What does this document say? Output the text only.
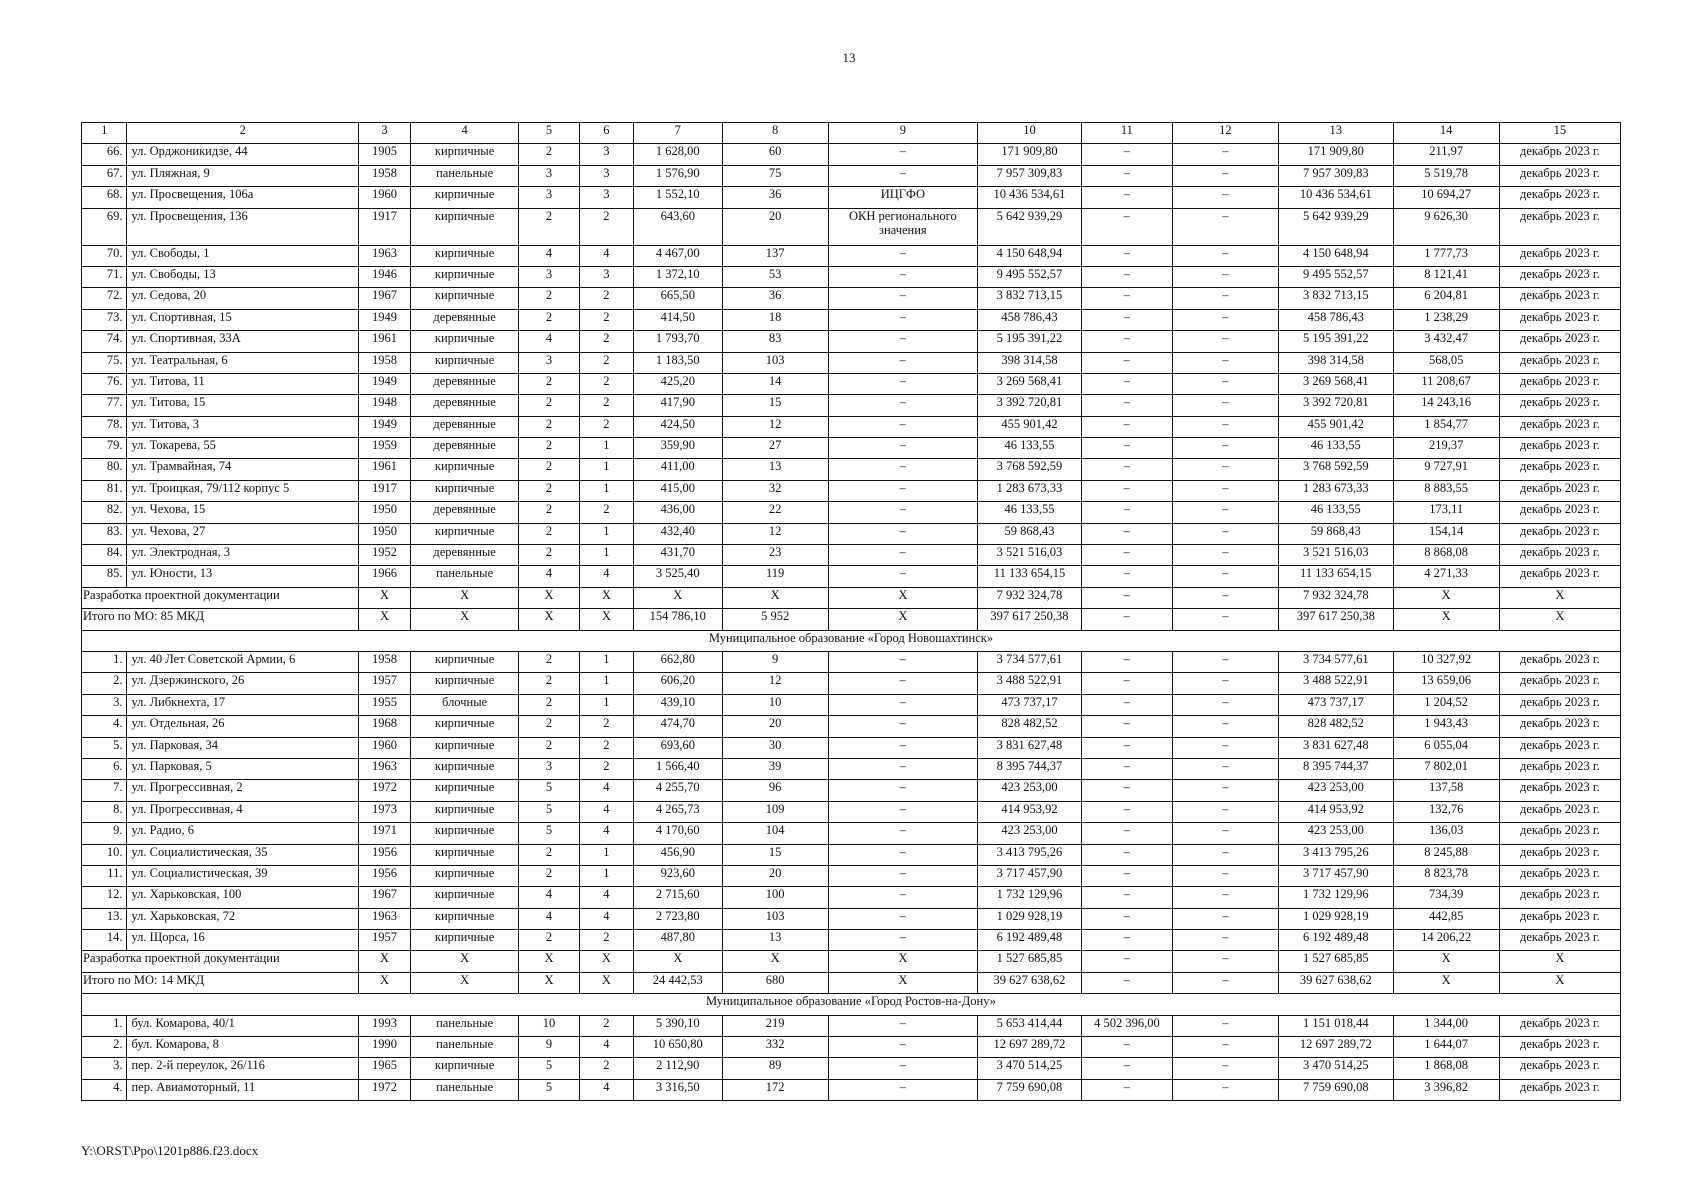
13
1	2	3	4	5	6	7	8	9	10	11	12	13	14	15
66.	ул. Орджоникидзе, 44	1905	кирпичные	2	3	1 628,00	60	–	171 909,80	–	–	171 909,80	211,97	декабрь 2023 г.
67.	ул. Пляжная, 9	1958	панельные	3	3	1 576,90	75	–	7 957 309,83	–	–	7 957 309,83	5 519,78	декабрь 2023 г.
68.	ул. Просвещения, 106а	1960	кирпичные	3	3	1 552,10	36	ИЦГФО	10 436 534,61	–	–	10 436 534,61	10 694,27	декабрь 2023 г.
69.	ул. Просвещения, 136	1917	кирпичные	2	2	643,60	20	ОКН регионального значения	5 642 939,29	–	–	5 642 939,29	9 626,30	декабрь 2023 г.
70.	ул. Свободы, 1	1963	кирпичные	4	4	4 467,00	137	–	4 150 648,94	–	–	4 150 648,94	1 777,73	декабрь 2023 г.
71.	ул. Свободы, 13	1946	кирпичные	3	3	1 372,10	53	–	9 495 552,57	–	–	9 495 552,57	8 121,41	декабрь 2023 г.
72.	ул. Седова, 20	1967	кирпичные	2	2	665,50	36	–	3 832 713,15	–	–	3 832 713,15	6 204,81	декабрь 2023 г.
73.	ул. Спортивная, 15	1949	деревянные	2	2	414,50	18	–	458 786,43	–	–	458 786,43	1 238,29	декабрь 2023 г.
74.	ул. Спортивная, 33А	1961	кирпичные	4	2	1 793,70	83	–	5 195 391,22	–	–	5 195 391,22	3 432,47	декабрь 2023 г.
75.	ул. Театральная, 6	1958	кирпичные	3	2	1 183,50	103	–	398 314,58	–	–	398 314,58	568,05	декабрь 2023 г.
76.	ул. Титова, 11	1949	деревянные	2	2	425,20	14	–	3 269 568,41	–	–	3 269 568,41	11 208,67	декабрь 2023 г.
77.	ул. Титова, 15	1948	деревянные	2	2	417,90	15	–	3 392 720,81	–	–	3 392 720,81	14 243,16	декабрь 2023 г.
78.	ул. Титова, 3	1949	деревянные	2	2	424,50	12	–	455 901,42	–	–	455 901,42	1 854,77	декабрь 2023 г.
79.	ул. Токарева, 55	1959	деревянные	2	1	359,90	27	–	46 133,55	–	–	46 133,55	219,37	декабрь 2023 г.
80.	ул. Трамвайная, 74	1961	кирпичные	2	1	411,00	13	–	3 768 592,59	–	–	3 768 592,59	9 727,91	декабрь 2023 г.
81.	ул. Троицкая, 79/112 корпус 5	1917	кирпичные	2	1	415,00	32	–	1 283 673,33	–	–	1 283 673,33	8 883,55	декабрь 2023 г.
82.	ул. Чехова, 15	1950	деревянные	2	2	436,00	22	–	46 133,55	–	–	46 133,55	173,11	декабрь 2023 г.
83.	ул. Чехова, 27	1950	кирпичные	2	1	432,40	12	–	59 868,43	–	–	59 868,43	154,14	декабрь 2023 г.
84.	ул. Электродная, 3	1952	деревянные	2	1	431,70	23	–	3 521 516,03	–	–	3 521 516,03	8 868,08	декабрь 2023 г.
85.	ул. Юности, 13	1966	панельные	4	4	3 525,40	119	–	11 133 654,15	–	–	11 133 654,15	4 271,33	декабрь 2023 г.
Разработка проектной документации		X	X	X	X	X	X	X	7 932 324,78	–	–	7 932 324,78	X	X
Итого по МО: 85 МКД		X	X	X	X	154 786,10	5 952	X	397 617 250,38	–	–	397 617 250,38	X	X
Муниципальное образование «Город Новошахтинск»														
1.	ул. 40 Лет Советской Армии, 6	1958	кирпичные	2	1	662,80	9	–	3 734 577,61	–	–	3 734 577,61	10 327,92	декабрь 2023 г.
2.	ул. Дзержинского, 26	1957	кирпичные	2	1	606,20	12	–	3 488 522,91	–	–	3 488 522,91	13 659,06	декабрь 2023 г.
3.	ул. Либкнехта, 17	1955	блочные	2	1	439,10	10	–	473 737,17	–	–	473 737,17	1 204,52	декабрь 2023 г.
4.	ул. Отдельная, 26	1968	кирпичные	2	2	474,70	20	–	828 482,52	–	–	828 482,52	1 943,43	декабрь 2023 г.
5.	ул. Парковая, 34	1960	кирпичные	2	2	693,60	30	–	3 831 627,48	–	–	3 831 627,48	6 055,04	декабрь 2023 г.
6.	ул. Парковая, 5	1963	кирпичные	3	2	1 566,40	39	–	8 395 744,37	–	–	8 395 744,37	7 802,01	декабрь 2023 г.
7.	ул. Прогрессивная, 2	1972	кирпичные	5	4	4 255,70	96	–	423 253,00	–	–	423 253,00	137,58	декабрь 2023 г.
8.	ул. Прогрессивная, 4	1973	кирпичные	5	4	4 265,73	109	–	414 953,92	–	–	414 953,92	132,76	декабрь 2023 г.
9.	ул. Радио, 6	1971	кирпичные	5	4	4 170,60	104	–	423 253,00	–	–	423 253,00	136,03	декабрь 2023 г.
10.	ул. Социалистическая, 35	1956	кирпичные	2	1	456,90	15	–	3 413 795,26	–	–	3 413 795,26	8 245,88	декабрь 2023 г.
11.	ул. Социалистическая, 39	1956	кирпичные	2	1	923,60	20	–	3 717 457,90	–	–	3 717 457,90	8 823,78	декабрь 2023 г.
12.	ул. Харьковская, 100	1967	кирпичные	4	4	2 715,60	100	–	1 732 129,96	–	–	1 732 129,96	734,39	декабрь 2023 г.
13.	ул. Харьковская, 72	1963	кирпичные	4	4	2 723,80	103	–	1 029 928,19	–	–	1 029 928,19	442,85	декабрь 2023 г.
14.	ул. Щорса, 16	1957	кирпичные	2	2	487,80	13	–	6 192 489,48	–	–	6 192 489,48	14 206,22	декабрь 2023 г.
Разработка проектной документации		X	X	X	X	X	X	X	1 527 685,85	–	–	1 527 685,85	X	X
Итого по МО: 14 МКД		X	X	X	X	24 442,53	680	X	39 627 638,62	–	–	39 627 638,62	X	X
Муниципальное образование «Город Ростов-на-Дону»														
1.	бул. Комарова, 40/1	1993	панельные	10	2	5 390,10	219	–	5 653 414,44	4 502 396,00	–	1 151 018,44	1 344,00	декабрь 2023 г.
2.	бул. Комарова, 8	1990	панельные	9	4	10 650,80	332	–	12 697 289,72	–	–	12 697 289,72	1 644,07	декабрь 2023 г.
3.	пер. 2-й переулок, 26/116	1965	кирпичные	5	2	2 112,90	89	–	3 470 514,25	–	–	3 470 514,25	1 868,08	декабрь 2023 г.
4.	пер. Авиамоторный, 11	1972	панельные	5	4	3 316,50	172	–	7 759 690,08	–	–	7 759 690,08	3 396,82	декабрь 2023 г.
Y:\ORST\Ppo\1201p886.f23.docx
